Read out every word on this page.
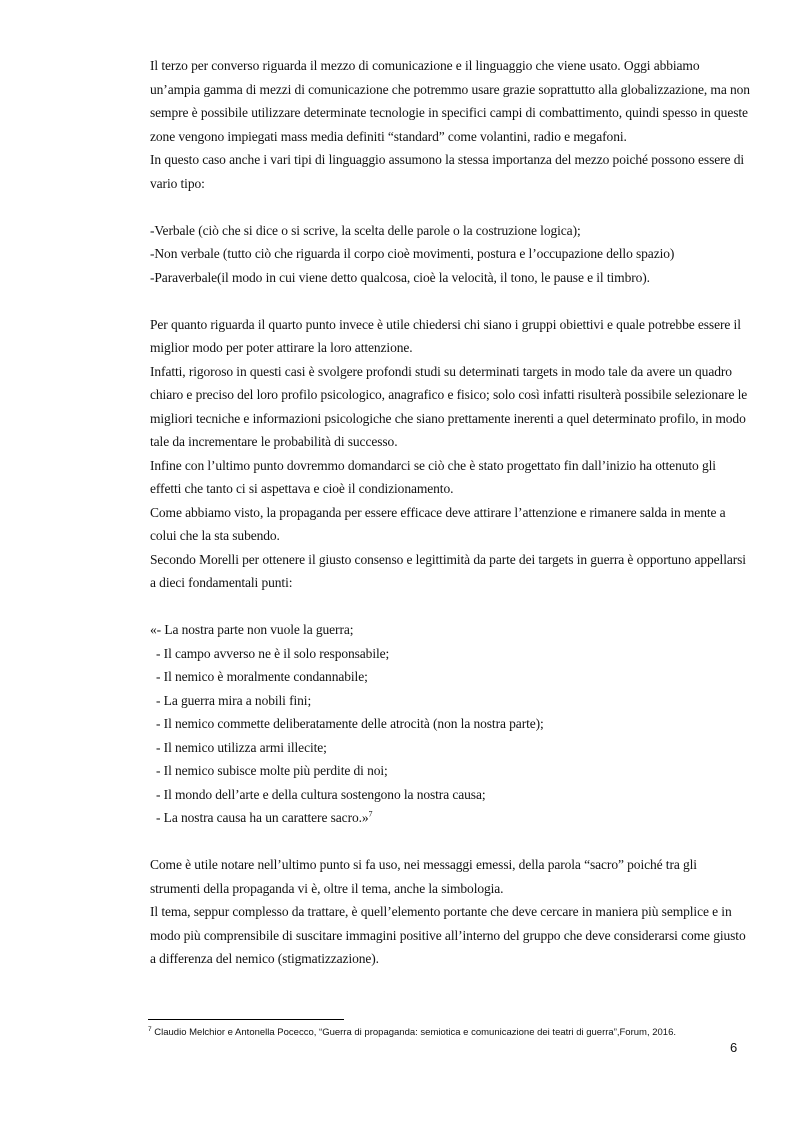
Il terzo per converso riguarda il mezzo di comunicazione e il linguaggio che viene usato. Oggi abbiamo un’ampia gamma di mezzi di comunicazione che potremmo usare grazie soprattutto alla globalizzazione, ma non sempre è possibile utilizzare determinate tecnologie in specifici campi di combattimento, quindi spesso in queste zone vengono impiegati mass media definiti “standard” come volantini, radio e megafoni.

In questo caso anche i vari tipi di linguaggio assumono la stessa importanza del mezzo poiché possono essere di vario tipo:

-Verbale (ciò che si dice o si scrive, la scelta delle parole o la costruzione logica);

-Non verbale (tutto ciò che riguarda il corpo cioè movimenti, postura e l’occupazione dello spazio)

-Paraverbale(il modo in cui viene detto qualcosa, cioè la velocità, il tono, le pause e il timbro).

Per quanto riguarda il quarto punto invece è utile chiedersi chi siano i gruppi obiettivi e quale potrebbe essere il miglior modo per poter attirare la loro attenzione.

Infatti, rigoroso in questi casi è svolgere profondi studi su determinati targets in modo tale da avere un quadro chiaro e preciso del loro profilo psicologico, anagrafico e fisico; solo così infatti risulterà possibile selezionare le migliori tecniche e informazioni psicologiche che siano prettamente inerenti a quel determinato profilo, in modo tale da incrementare le probabilità di successo.

Infine con l’ultimo punto dovremmo domandarci se ciò che è stato progettato fin dall’inizio ha ottenuto gli effetti che tanto ci si aspettava e cioè il condizionamento.

Come abbiamo visto, la propaganda per essere efficace deve attirare l’attenzione e rimanere salda in mente a colui che la sta subendo.

Secondo Morelli per ottenere il giusto consenso e legittimità da parte dei targets in guerra è opportuno appellarsi a dieci fondamentali punti:

«- La nostra parte non vuole la guerra;

- Il campo avverso ne è il solo responsabile;

- Il nemico è moralmente condannabile;

- La guerra mira a nobili fini;

- Il nemico commette deliberatamente delle atrocità (non la nostra parte);

- Il nemico utilizza armi illecite;

- Il nemico subisce molte più perdite di noi;

- Il mondo dell’arte e della cultura sostengono la nostra causa;

- La nostra causa ha un carattere sacro.»$^7$

Come è utile notare nell’ultimo punto si fa uso, nei messaggi emessi, della parola “sacro” poiché tra gli strumenti della propaganda vi è, oltre il tema, anche la simbologia.

Il tema, seppur complesso da trattare, è quell’elemento portante che deve cercare in maniera più semplice e in modo più comprensibile di suscitare immagini positive all’interno del gruppo che deve considerarsi come giusto a differenza del nemico (stigmatizzazione).

$^7$ Claudio Melchior e Antonella Pocecco, “Guerra di propaganda: semiotica e comunicazione dei teatri di guerra”,Forum, 2016.
6
